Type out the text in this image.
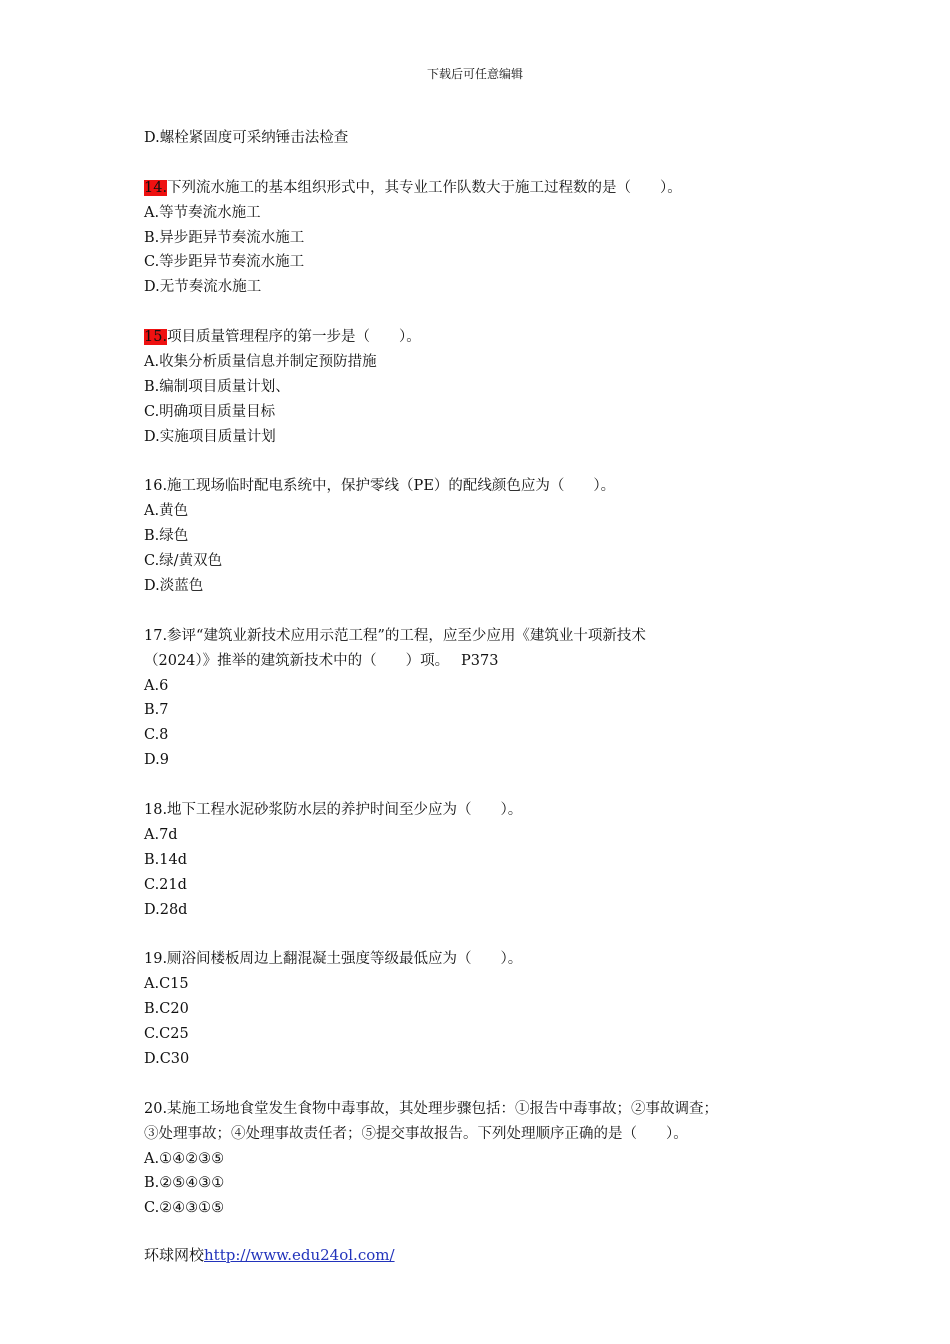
下载后可任意编辑
D.螺栓紧固度可采纳锤击法检查
14.下列流水施工的基本组织形式中，其专业工作队数大于施工过程数的是（　　）。
A.等节奏流水施工
B.异步距异节奏流水施工
C.等步距异节奏流水施工
D.无节奏流水施工
15.项目质量管理程序的第一步是（　　）。
A.收集分析质量信息并制定预防措施
B.编制项目质量计划、
C.明确项目质量目标
D.实施项目质量计划
16.施工现场临时配电系统中，保护零线（PE）的配线颜色应为（　　）。
A.黄色
B.绿色
C.绿/黄双色
D.淡蓝色
17.参评“建筑业新技术应用示范工程”的工程，应至少应用《建筑业十项新技术
（2024）》推举的建筑新技术中的（　　）项。　 P373
A.6
B.7
C.8
D.9
18.地下工程水泥砂浆防水层的养护时间至少应为（　　）。
A.7d
B.14d
C.21d
D.28d
19.厕浴间楼板周边上翻混凝土强度等级最低应为（　　）。
A.C15
B.C20
C.C25
D.C30
20.某施工场地食堂发生食物中毒事故，其处理步骤包括：①报告中毒事故；②事故调查；
③处理事故；④处理事故责任者；⑤提交事故报告。下列处理顺序正确的是（　　）。
A.①④②③⑤
B.②⑤④③①
C.②④③①⑤
环球网校http://www.edu24ol.com/
